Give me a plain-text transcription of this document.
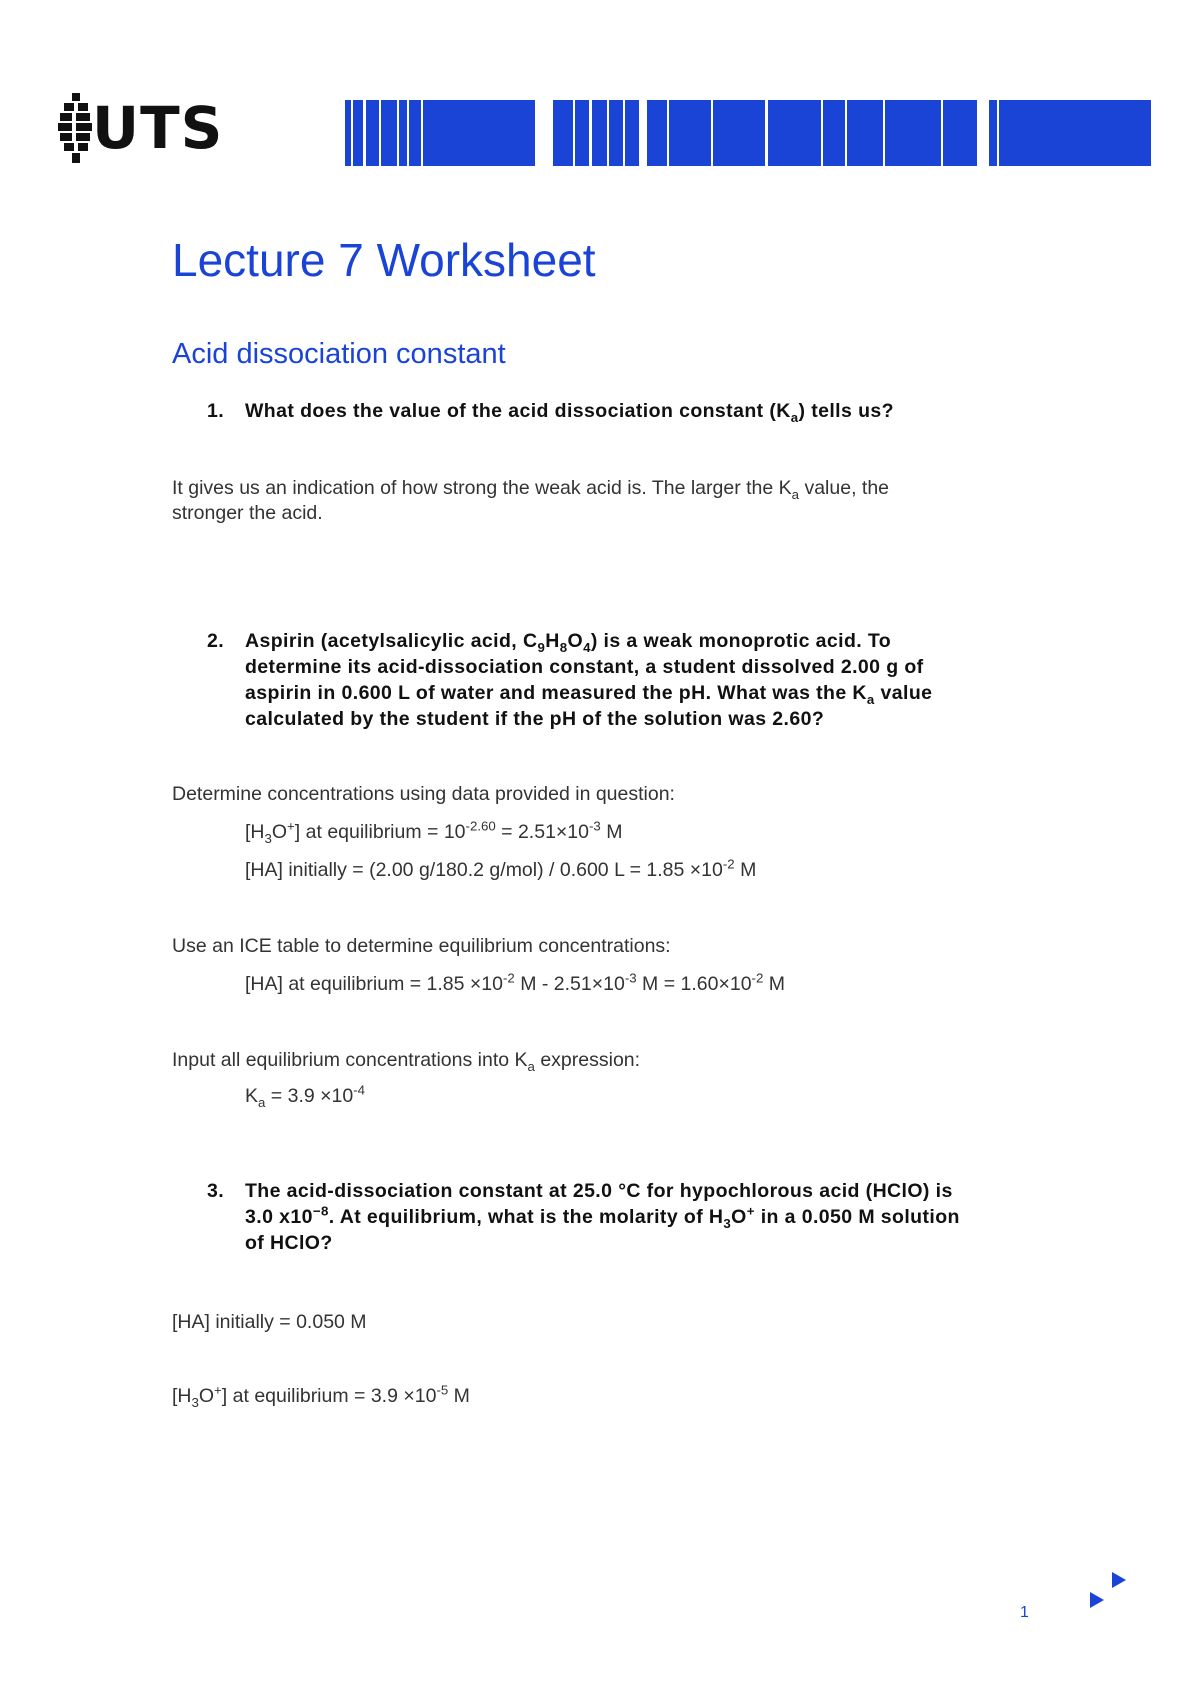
UTS
Lecture 7 Worksheet
Acid dissociation constant
1. What does the value of the acid dissociation constant $(K_a)$ tells us?
It gives us an indication of how strong the weak acid is. The larger the $K_a$ value, the
stronger the acid.
2. Aspirin (acetylsalicylic acid, $C_9H_8O_4$) is a weak monoprotic acid. To
determine its acid-dissociation constant, a student dissolved 2.00 g of
aspirin in 0.600 L of water and measured the pH. What was the $K_a$ value
calculated by the student if the pH of the solution was 2.60?
Determine concentrations using data provided in question:
$[H_3O^+]$ at equilibrium = $10^{-2.60} = 2.51\times 10^{-3}$ M
[HA] initially = (2.00 g/180.2 g/mol) / 0.600 $L = 1.85 \times 10^{-2}$ M
Use an ICE table to determine equilibrium concentrations:
[HA] at equilibrium = $1.85 \times 10^{-2}$ $M - 2.51\times 10^{-3}$ $M = 1.60\times 10^{-2}$ M
Input all equilibrium concentrations into $K_a$ expression:
$K_a = 3.9 \times 10^{-4}$
3. The acid-dissociation constant at 25.0 °C for hypochlorous acid (HClO) is
3.0 $x10^{-8}$. At equilibrium, what is the molarity of $H_3O^+$ in a 0.050 M solution
of HClO?
[HA] initially = 0.050 M
$[H_3O^+]$ at equilibrium = $3.9 \times 10^{-5}$ M
1
